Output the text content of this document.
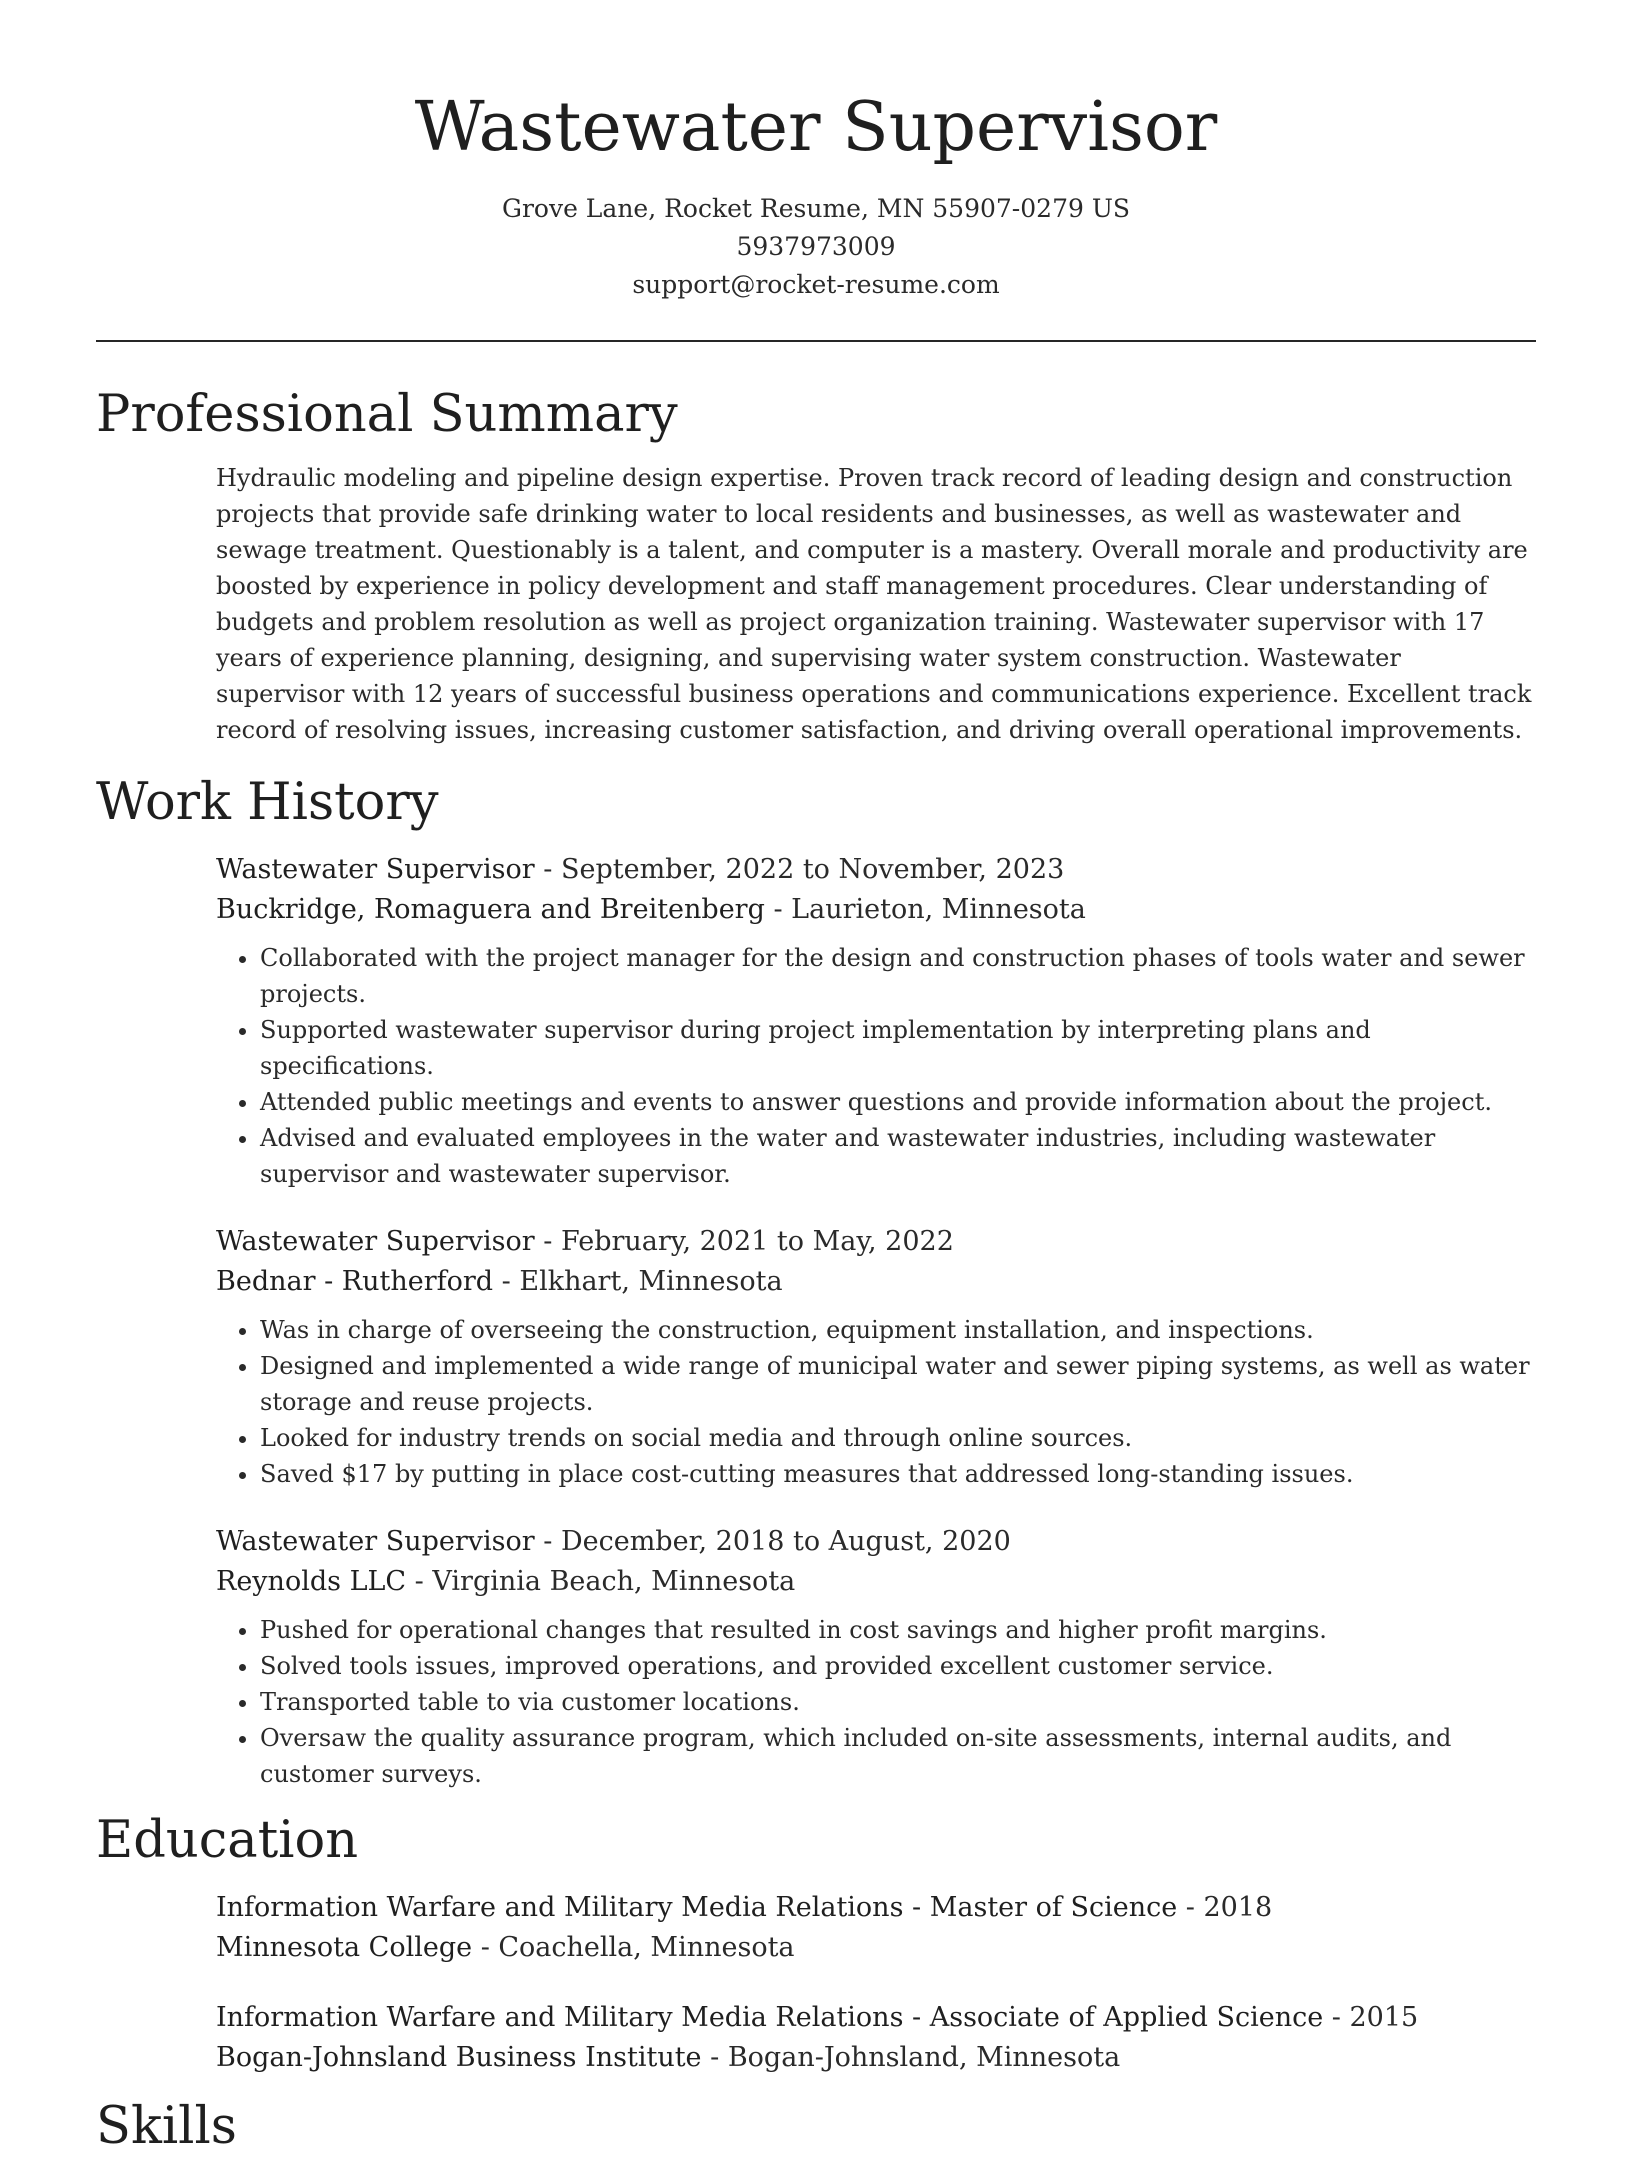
Wastewater Supervisor
Grove Lane, Rocket Resume, MN 55907-0279 US
5937973009
support@rocket-resume.com
Professional Summary
Hydraulic modeling and pipeline design expertise. Proven track record of leading design and construction projects that provide safe drinking water to local residents and businesses, as well as wastewater and sewage treatment. Questionably is a talent, and computer is a mastery. Overall morale and productivity are boosted by experience in policy development and staff management procedures. Clear understanding of budgets and problem resolution as well as project organization training. Wastewater supervisor with 17 years of experience planning, designing, and supervising water system construction. Wastewater supervisor with 12 years of successful business operations and communications experience. Excellent track record of resolving issues, increasing customer satisfaction, and driving overall operational improvements.
Work History
Wastewater Supervisor - September, 2022 to November, 2023
Buckridge, Romaguera and Breitenberg - Laurieton, Minnesota
• Collaborated with the project manager for the design and construction phases of tools water and sewer projects.
• Supported wastewater supervisor during project implementation by interpreting plans and specifications.
• Attended public meetings and events to answer questions and provide information about the project.
• Advised and evaluated employees in the water and wastewater industries, including wastewater supervisor and wastewater supervisor.
Wastewater Supervisor - February, 2021 to May, 2022
Bednar - Rutherford - Elkhart, Minnesota
• Was in charge of overseeing the construction, equipment installation, and inspections.
• Designed and implemented a wide range of municipal water and sewer piping systems, as well as water storage and reuse projects.
• Looked for industry trends on social media and through online sources.
• Saved $17 by putting in place cost-cutting measures that addressed long-standing issues.
Wastewater Supervisor - December, 2018 to August, 2020
Reynolds LLC - Virginia Beach, Minnesota
• Pushed for operational changes that resulted in cost savings and higher profit margins.
• Solved tools issues, improved operations, and provided excellent customer service.
• Transported table to via customer locations.
• Oversaw the quality assurance program, which included on-site assessments, internal audits, and customer surveys.
Education
Information Warfare and Military Media Relations - Master of Science - 2018
Minnesota College - Coachella, Minnesota
Information Warfare and Military Media Relations - Associate of Applied Science - 2015
Bogan-Johnsland Business Institute - Bogan-Johnsland, Minnesota
Skills
